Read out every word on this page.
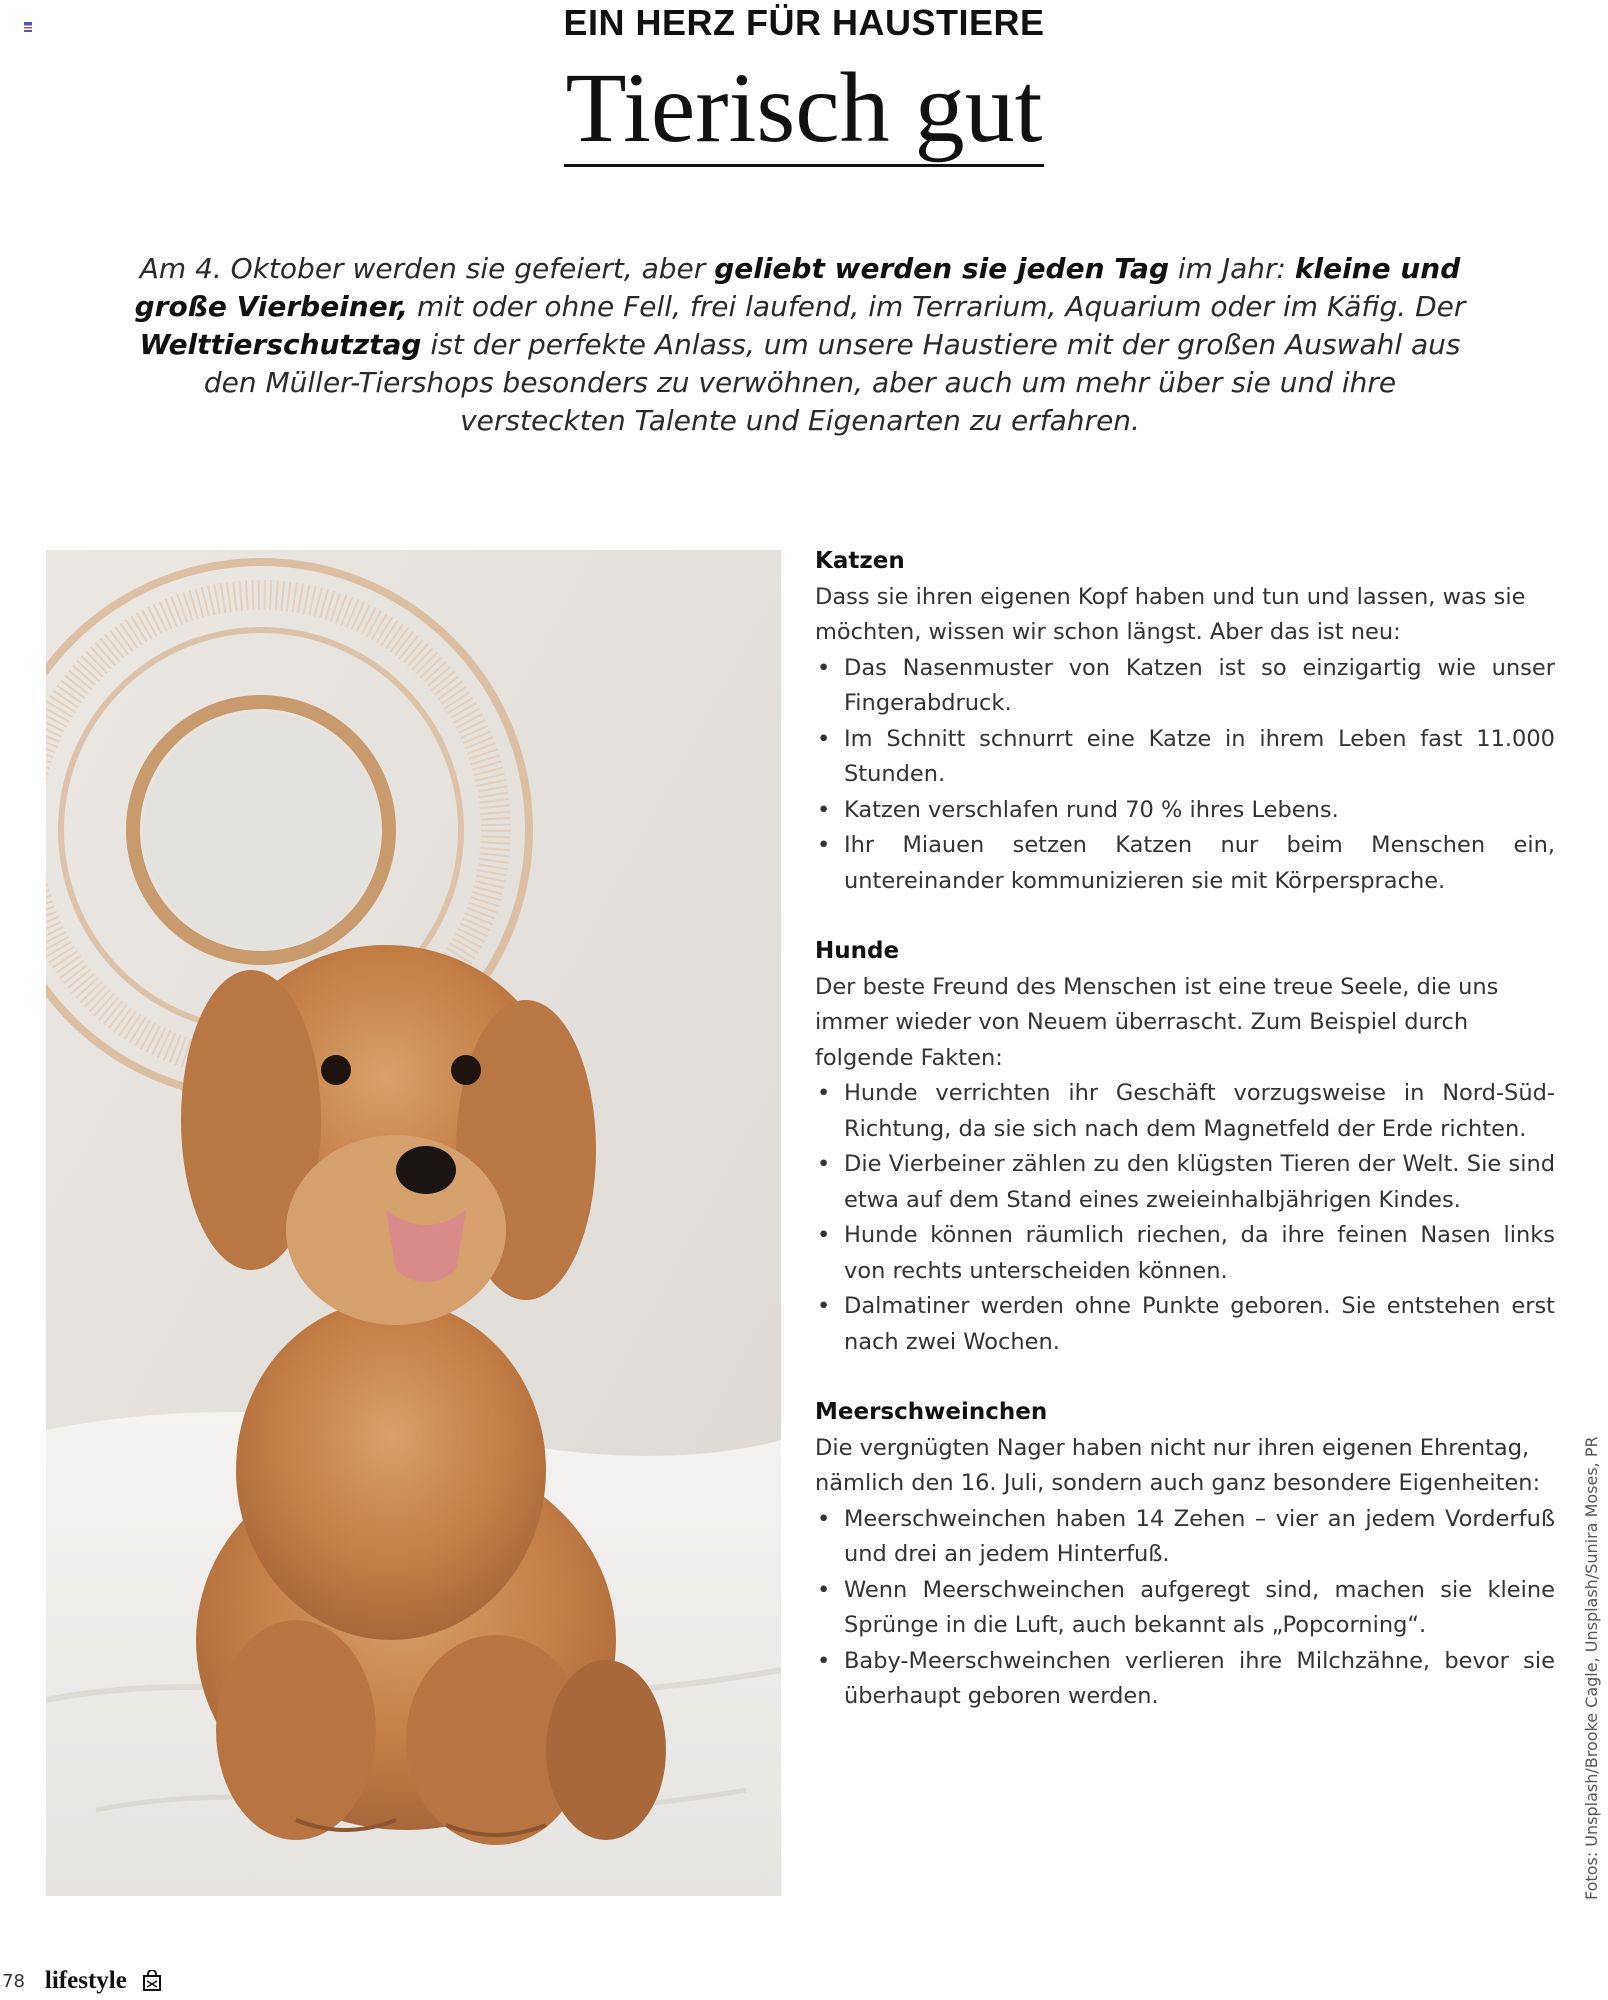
EIN HERZ FÜR HAUSTIERE
Tierisch gut
Am 4. Oktober werden sie gefeiert, aber geliebt werden sie jeden Tag im Jahr: kleine und große Vierbeiner, mit oder ohne Fell, frei laufend, im Terrarium, Aquarium oder im Käfig. Der Welttierschutztag ist der perfekte Anlass, um unsere Haustiere mit der großen Auswahl aus den Müller-Tiershops besonders zu verwöhnen, aber auch um mehr über sie und ihre versteckten Talente und Eigenarten zu erfahren.
Katzen

Dass sie ihren eigenen Kopf haben und tun und lassen, was sie möchten, wissen wir schon längst. Aber das ist neu:

• Das Nasenmuster von Katzen ist so einzigartig wie unser Fingerabdruck.
• Im Schnitt schnurrt eine Katze in ihrem Leben fast 11.000 Stunden.
• Katzen verschlafen rund 70 % ihres Lebens.
• Ihr Miauen setzen Katzen nur beim Menschen ein, untereinander kommunizieren sie mit Körpersprache.
Hunde

Der beste Freund des Menschen ist eine treue Seele, die uns immer wieder von Neuem überrascht. Zum Beispiel durch folgende Fakten:

• Hunde verrichten ihr Geschäft vorzugsweise in Nord-Süd-Richtung, da sie sich nach dem Magnetfeld der Erde richten.
• Die Vierbeiner zählen zu den klügsten Tieren der Welt. Sie sind etwa auf dem Stand eines zweieinhalbjährigen Kindes.
• Hunde können räumlich riechen, da ihre feinen Nasen links von rechts unterscheiden können.
• Dalmatiner werden ohne Punkte geboren. Sie entstehen erst nach zwei Wochen.
Meerschweinchen

Die vergnügten Nager haben nicht nur ihren eigenen Ehrentag, nämlich den 16. Juli, sondern auch ganz besondere Eigenheiten:

• Meerschweinchen haben 14 Zehen – vier an jedem Vorderfuß und drei an jedem Hinterfuß.
• Wenn Meerschweinchen aufgeregt sind, machen sie kleine Sprünge in die Luft, auch bekannt als „Popcorning“.
• Baby-Meerschweinchen verlieren ihre Milchzähne, bevor sie überhaupt geboren werden.	Fotos: Unsplash/Brooke Cagle, Unsplash/Sunira Moses, PR
78 lifestyle
